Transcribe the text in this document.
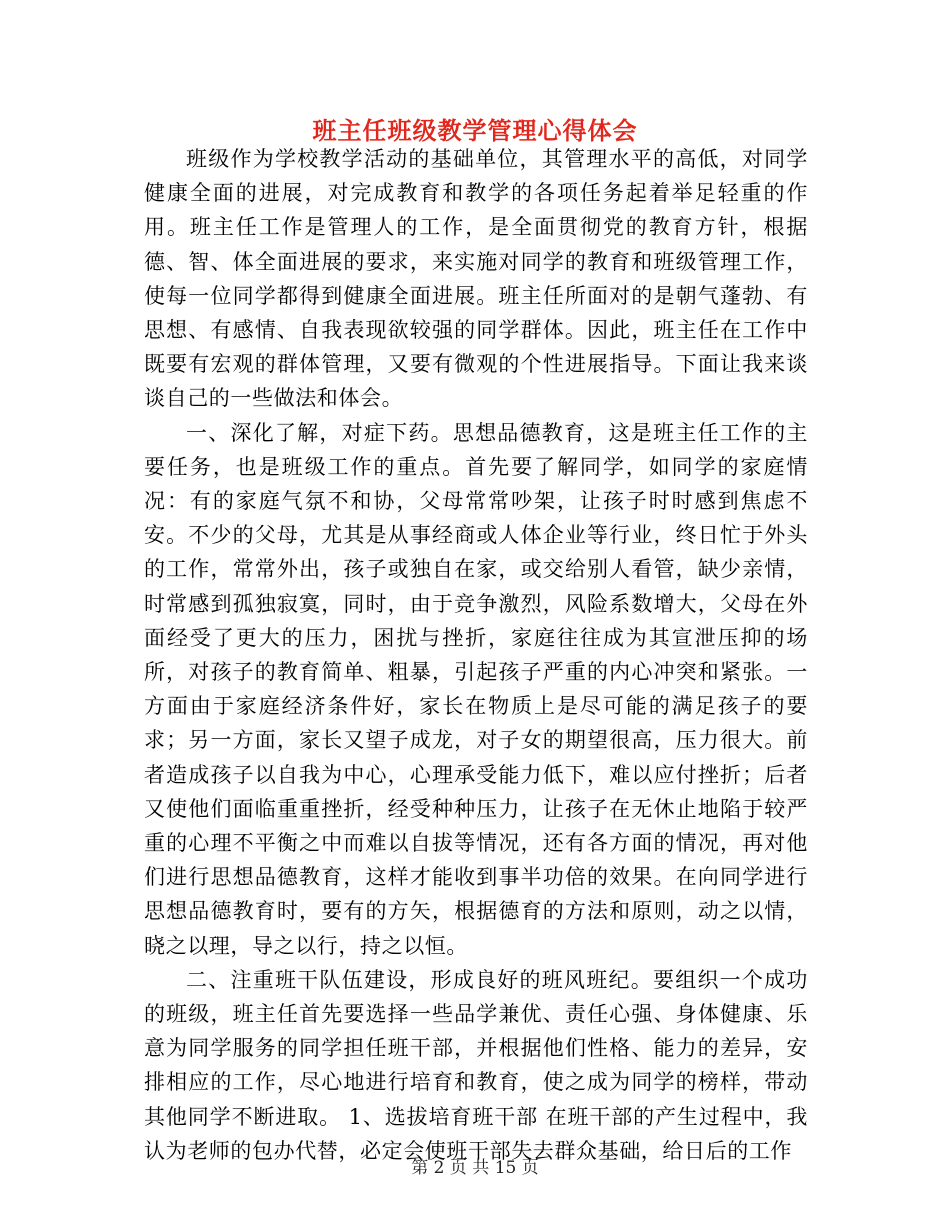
班主任班级教学管理心得体会

班级作为学校教学活动的基础单位，其管理水平的高低，对同学健康全面的进展，对完成教育和教学的各项任务起着举足轻重的作用。班主任工作是管理人的工作，是全面贯彻党的教育方针，根据德、智、体全面进展的要求，来实施对同学的教育和班级管理工作，使每一位同学都得到健康全面进展。班主任所面对的是朝气蓬勃、有思想、有感情、自我表现欲较强的同学群体。因此，班主任在工作中既要有宏观的群体管理，又要有微观的个性进展指导。下面让我来谈谈自己的一些做法和体会。

一、深化了解，对症下药。思想品德教育，这是班主任工作的主要任务，也是班级工作的重点。首先要了解同学，如同学的家庭情况：有的家庭气氛不和协，父母常常吵架，让孩子时时感到焦虑不安。不少的父母，尤其是从事经商或人体企业等行业，终日忙于外头的工作，常常外出，孩子或独自在家，或交给别人看管，缺少亲情，时常感到孤独寂寞，同时，由于竞争激烈，风险系数增大，父母在外面经受了更大的压力，困扰与挫折，家庭往往成为其宣泄压抑的场所，对孩子的教育简单、粗暴，引起孩子严重的内心冲突和紧张。一方面由于家庭经济条件好，家长在物质上是尽可能的满足孩子的要求；另一方面，家长又望子成龙，对子女的期望很高，压力很大。前者造成孩子以自我为中心，心理承受能力低下，难以应付挫折；后者又使他们面临重重挫折，经受种种压力，让孩子在无休止地陷于较严重的心理不平衡之中而难以自拔等情况，还有各方面的情况，再对他们进行思想品德教育，这样才能收到事半功倍的效果。在向同学进行思想品德教育时，要有的方矢，根据德育的方法和原则，动之以情，晓之以理，导之以行，持之以恒。

二、注重班干队伍建设，形成良好的班风班纪。要组织一个成功的班级，班主任首先要选择一些品学兼优、责任心强、身体健康、乐意为同学服务的同学担任班干部，并根据他们性格、能力的差异，安排相应的工作，尽心地进行培育和教育，使之成为同学的榜样，带动其他同学不断进取。 1、选拔培育班干部 在班干部的产生过程中，我认为老师的包办代替，必定会使班干部失去群众基础，给日后的工作

第 2 页 共 15 页
